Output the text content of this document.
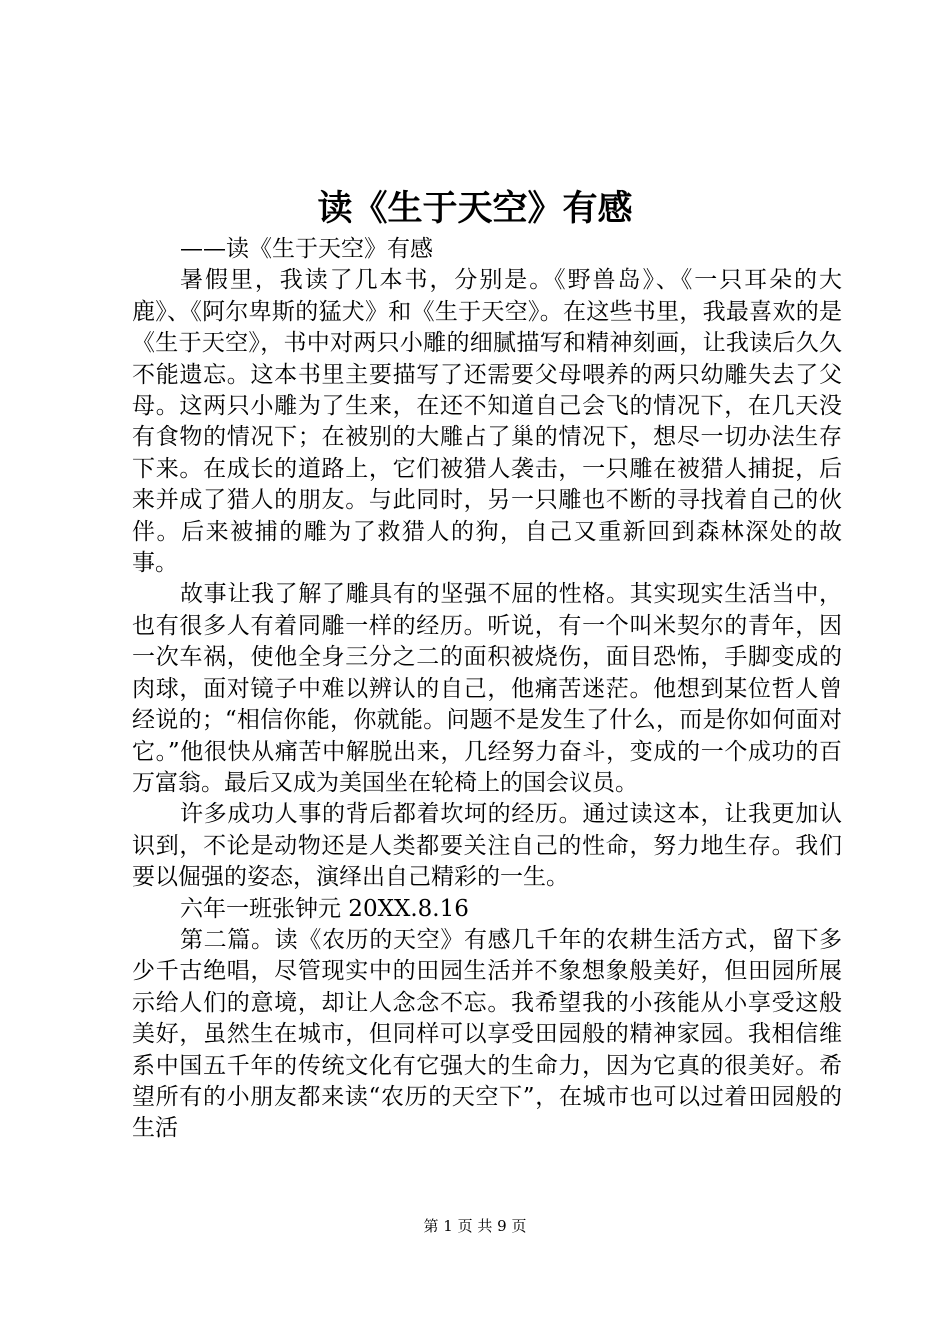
读《生于天空》有感

——读《生于天空》有感

暑假里，我读了几本书，分别是。《野兽岛》、《一只耳朵的大鹿》、《阿尔卑斯的猛犬》和《生于天空》。在这些书里，我最喜欢的是《生于天空》，书中对两只小雕的细腻描写和精神刻画，让我读后久久不能遗忘。这本书里主要描写了还需要父母喂养的两只幼雕失去了父母。这两只小雕为了生来，在还不知道自己会飞的情况下，在几天没有食物的情况下；在被别的大雕占了巢的情况下，想尽一切办法生存下来。在成长的道路上，它们被猎人袭击，一只雕在被猎人捕捉，后来并成了猎人的朋友。与此同时，另一只雕也不断的寻找着自己的伙伴。后来被捕的雕为了救猎人的狗，自己又重新回到森林深处的故事。

故事让我了解了雕具有的坚强不屈的性格。其实现实生活当中，也有很多人有着同雕一样的经历。听说，有一个叫米契尔的青年，因一次车祸，使他全身三分之二的面积被烧伤，面目恐怖，手脚变成的肉球，面对镜子中难以辨认的自己，他痛苦迷茫。他想到某位哲人曾经说的；“相信你能，你就能。问题不是发生了什么，而是你如何面对它。”他很快从痛苦中解脱出来，几经努力奋斗，变成的一个成功的百万富翁。最后又成为美国坐在轮椅上的国会议员。

许多成功人事的背后都着坎坷的经历。通过读这本，让我更加认识到，不论是动物还是人类都要关注自己的性命，努力地生存。我们要以倔强的姿态，演绎出自己精彩的一生。

六年一班张钟元 20XX.8.16

第二篇。读《农历的天空》有感几千年的农耕生活方式，留下多少千古绝唱，尽管现实中的田园生活并不象想象般美好，但田园所展示给人们的意境，却让人念念不忘。我希望我的小孩能从小享受这般美好，虽然生在城市，但同样可以享受田园般的精神家园。我相信维系中国五千年的传统文化有它强大的生命力，因为它真的很美好。希望所有的小朋友都来读“农历的天空下”，在城市也可以过着田园般的生活

第 1 页 共 9 页
